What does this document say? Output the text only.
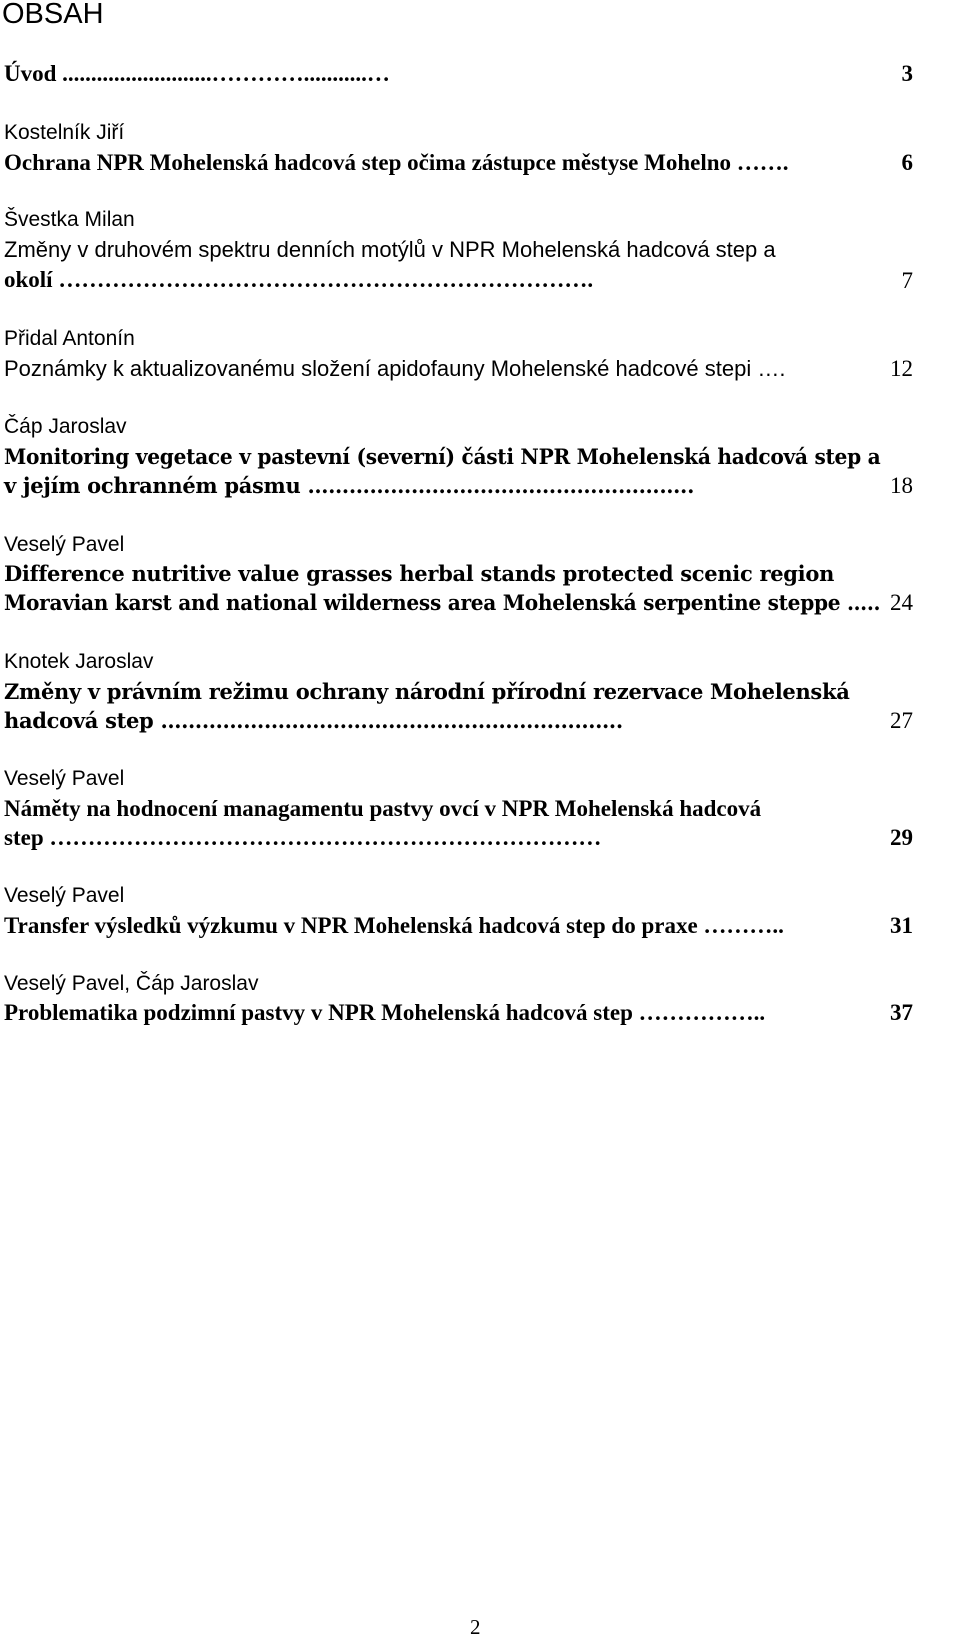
OBSAH
Úvod ..........................…………...........…	3
Kostelník Jiří
Ochrana NPR Mohelenská hadcová step očima zástupce městyse Mohelno …….	6
Švestka Milan
Změny v druhovém spektru denních motýlů v NPR Mohelenská hadcová step a
okolí …………………………………………………………….	7
Přidal Antonín
Poznámky k aktualizovanému složení apidofauny Mohelenské hadcové stepi ….	12
Čáp Jaroslav
Monitoring vegetace v pastevní (severní) části NPR Mohelenská hadcová step a
v jejím ochranném pásmu ………………………………………………..	18
Veselý Pavel
Difference nutritive value grasses herbal stands protected scenic region
Moravian karst and national wilderness area Mohelenská serpentine steppe ….. 24
Knotek Jaroslav
Změny v právním režimu ochrany národní přírodní rezervace Mohelenská
hadcová step ………………………………………………………….	27
Veselý Pavel
Náměty na hodnocení managamentu pastvy ovcí v NPR Mohelenská hadcová
step ………………………………………………………………	29
Veselý Pavel
Transfer výsledků výzkumu v NPR Mohelenská hadcová step do praxe ………..	31
Veselý Pavel, Čáp Jaroslav
Problematika podzimní pastvy v NPR Mohelenská hadcová step ……………..	37
2
